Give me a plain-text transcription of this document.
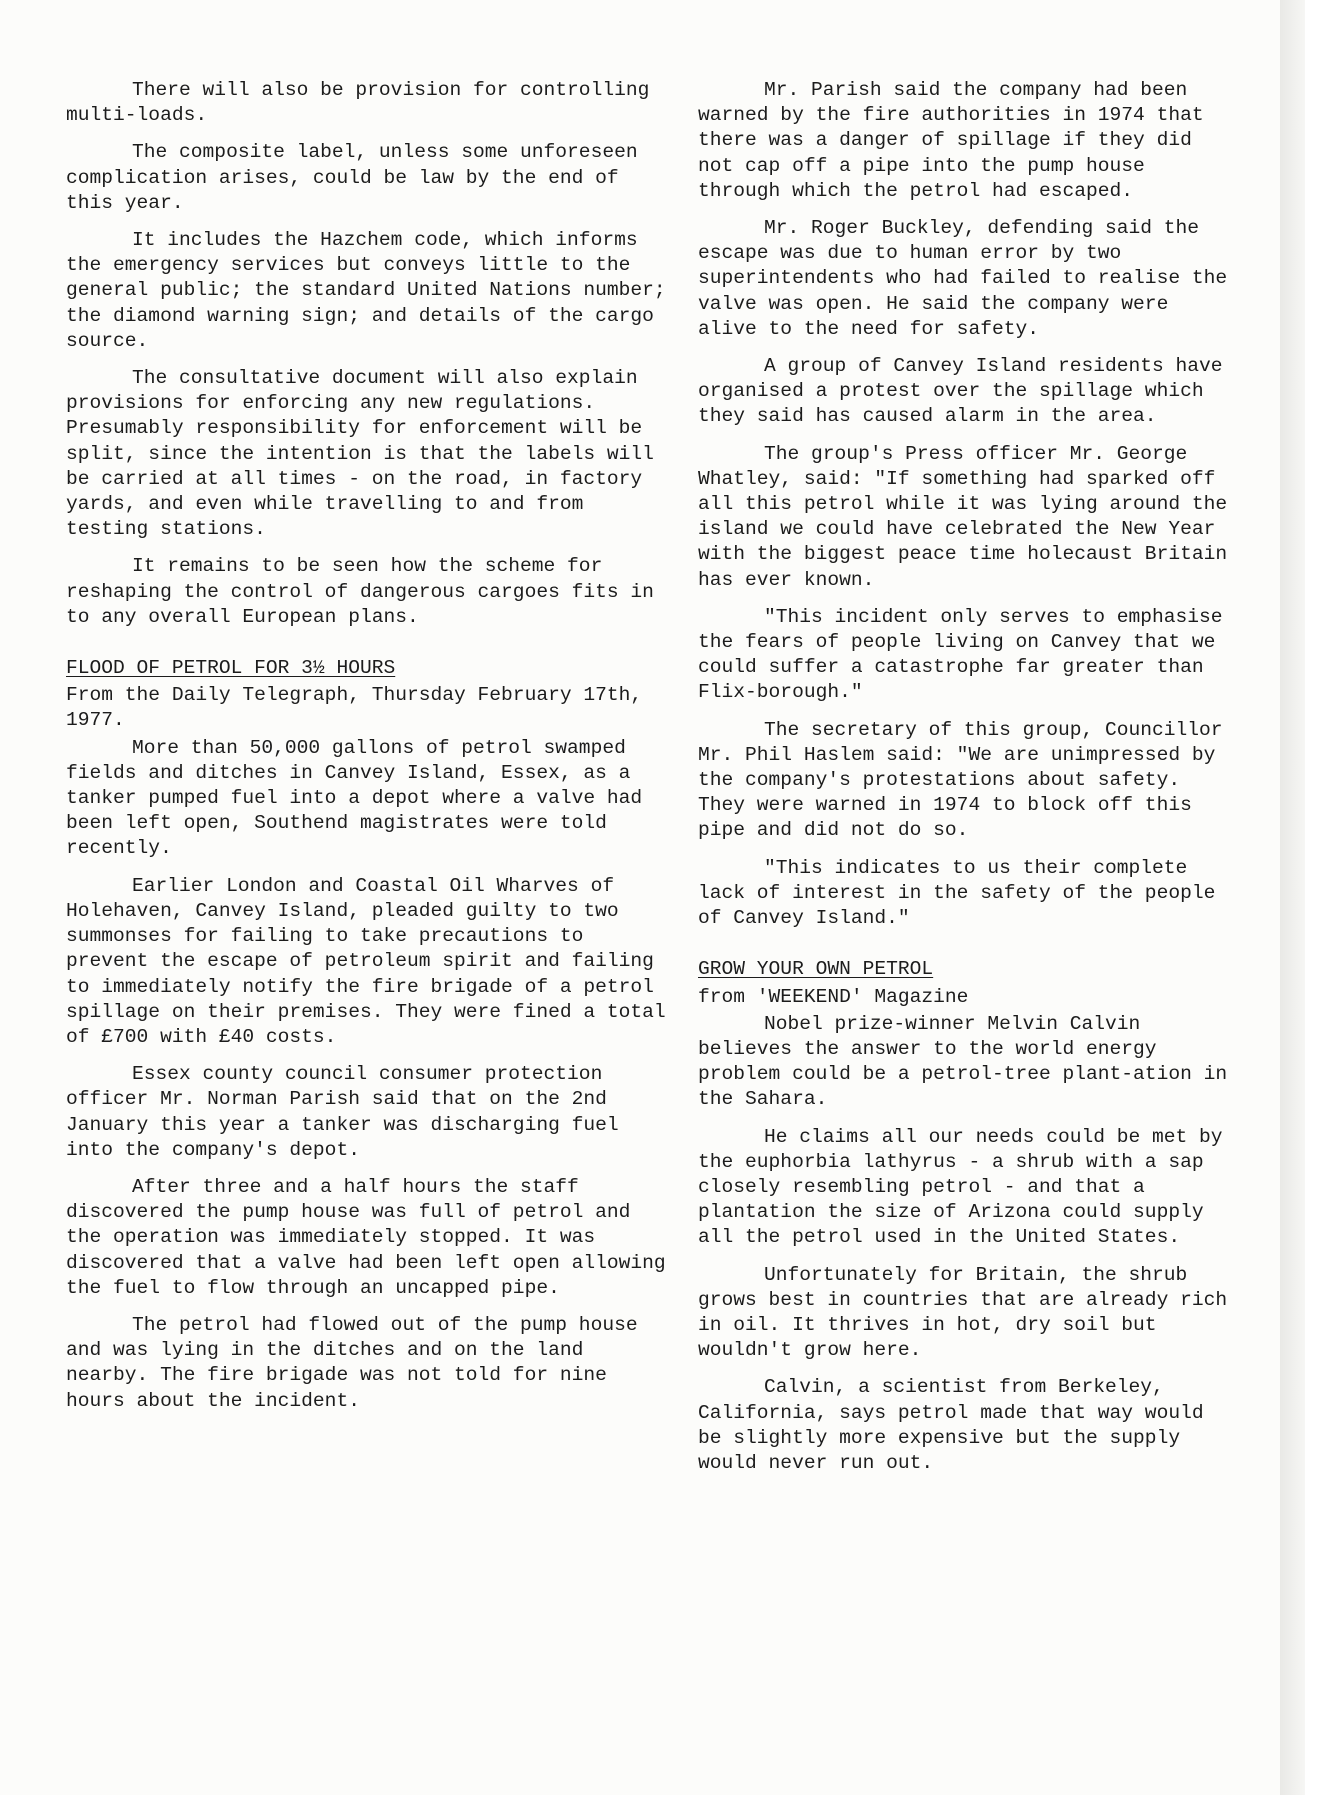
There will also be provision for controlling multi-loads.

The composite label, unless some unforeseen complication arises, could be law by the end of this year.

It includes the Hazchem code, which informs the emergency services but conveys little to the general public; the standard United Nations number; the diamond warning sign; and details of the cargo source.

The consultative document will also explain provisions for enforcing any new regulations. Presumably responsibility for enforcement will be split, since the intention is that the labels will be carried at all times - on the road, in factory yards, and even while travelling to and from testing stations.

It remains to be seen how the scheme for reshaping the control of dangerous cargoes fits in to any overall European plans.

FLOOD OF PETROL FOR 3½ HOURS

From the Daily Telegraph, Thursday February 17th, 1977.

More than 50,000 gallons of petrol swamped fields and ditches in Canvey Island, Essex, as a tanker pumped fuel into a depot where a valve had been left open, Southend magistrates were told recently.

Earlier London and Coastal Oil Wharves of Holehaven, Canvey Island, pleaded guilty to two summonses for failing to take precautions to prevent the escape of petroleum spirit and failing to immediately notify the fire brigade of a petrol spillage on their premises. They were fined a total of £700 with £40 costs.

Essex county council consumer protection officer Mr. Norman Parish said that on the 2nd January this year a tanker was discharging fuel into the company's depot.

After three and a half hours the staff discovered the pump house was full of petrol and the operation was immediately stopped. It was discovered that a valve had been left open allowing the fuel to flow through an uncapped pipe.

The petrol had flowed out of the pump house and was lying in the ditches and on the land nearby. The fire brigade was not told for nine hours about the incident.

Mr. Parish said the company had been warned by the fire authorities in 1974 that there was a danger of spillage if they did not cap off a pipe into the pump house through which the petrol had escaped.

Mr. Roger Buckley, defending said the escape was due to human error by two superintendents who had failed to realise the valve was open. He said the company were alive to the need for safety.

A group of Canvey Island residents have organised a protest over the spillage which they said has caused alarm in the area.

The group's Press officer Mr. George Whatley, said: "If something had sparked off all this petrol while it was lying around the island we could have celebrated the New Year with the biggest peace time holecaust Britain has ever known.

"This incident only serves to emphasise the fears of people living on Canvey that we could suffer a catastrophe far greater than Flix-borough."

The secretary of this group, Councillor Mr. Phil Haslem said: "We are unimpressed by the company's protestations about safety. They were warned in 1974 to block off this pipe and did not do so.

"This indicates to us their complete lack of interest in the safety of the people of Canvey Island."

GROW YOUR OWN PETROL

from 'WEEKEND' Magazine

Nobel prize-winner Melvin Calvin believes the answer to the world energy problem could be a petrol-tree plant-ation in the Sahara.

He claims all our needs could be met by the euphorbia lathyrus - a shrub with a sap closely resembling petrol - and that a plantation the size of Arizona could supply all the petrol used in the United States.

Unfortunately for Britain, the shrub grows best in countries that are already rich in oil. It thrives in hot, dry soil but wouldn't grow here.

Calvin, a scientist from Berkeley, California, says petrol made that way would be slightly more expensive but the supply would never run out.
